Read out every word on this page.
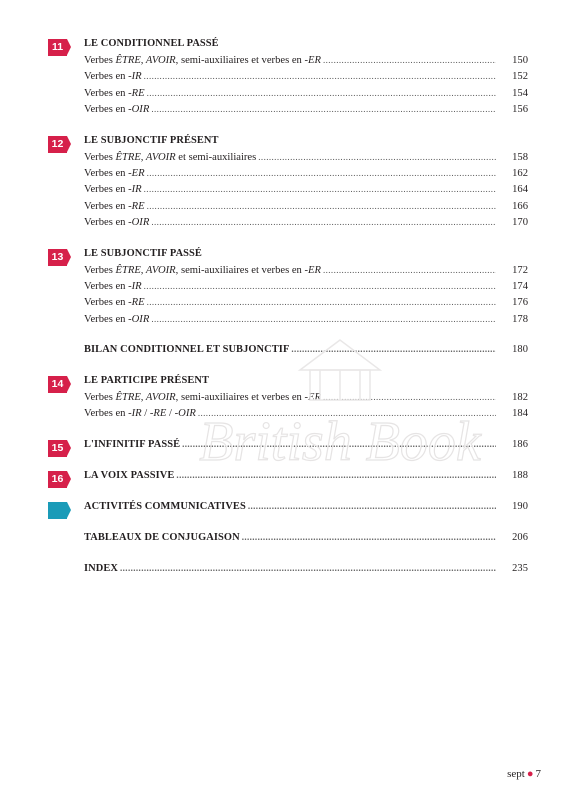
11	LE CONDITIONNEL PASSÉ
Verbes ÊTRE, AVOIR, semi-auxiliaires et verbes en -ER .....	150
Verbes en -IR .....	152
Verbes en -RE .....	154
Verbes en -OIR .....	156
12	LE SUBJONCTIF PRÉSENT
Verbes ÊTRE, AVOIR et semi-auxiliaires .....	158
Verbes en -ER .....	162
Verbes en -IR .....	164
Verbes en -RE .....	166
Verbes en -OIR .....	170
13	LE SUBJONCTIF PASSÉ
Verbes ÊTRE, AVOIR, semi-auxiliaires et verbes en -ER .....	172
Verbes en -IR .....	174
Verbes en -RE .....	176
Verbes en -OIR .....	178
BILAN CONDITIONNEL ET SUBJONCTIF .....	180
14	LE PARTICIPE PRÉSENT
Verbes ÊTRE, AVOIR, semi-auxiliaires et verbes en -ER .....	182
Verbes en -IR / -RE / -OIR .....	184
15	L'INFINITIF PASSÉ .....	186
16	LA VOIX PASSIVE .....	188
ACTIVITÉS COMMUNICATIVES .....	190
TABLEAUX DE CONJUGAISON .....	206
INDEX .....	235
British Book
sept ● 7
